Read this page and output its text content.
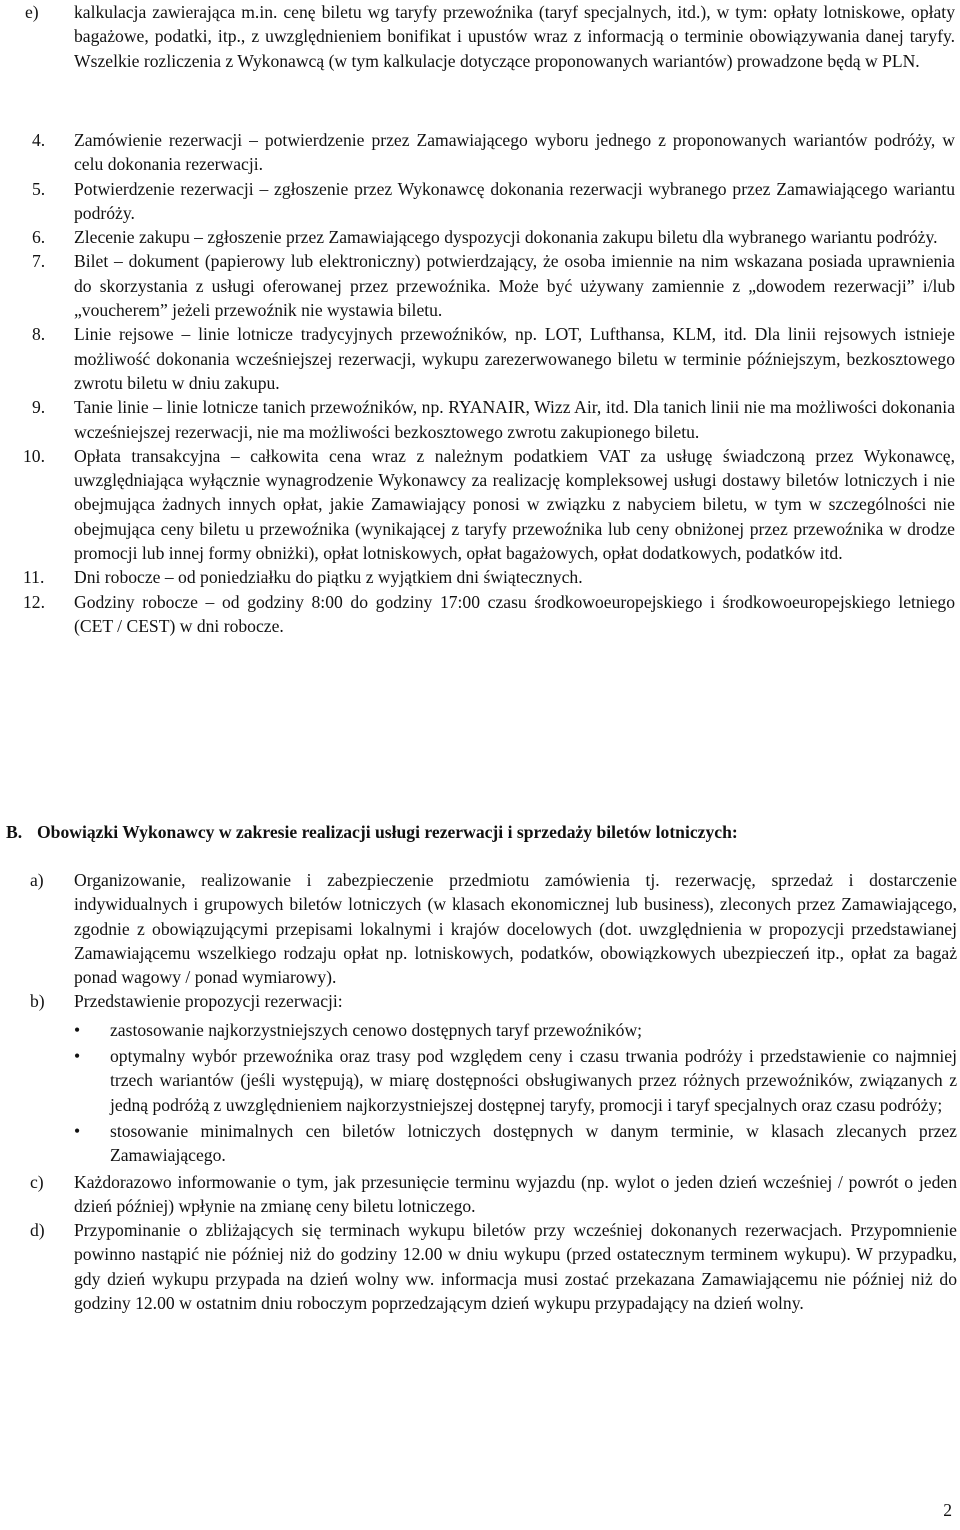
e) kalkulacja zawierająca m.in. cenę biletu wg taryfy przewoźnika (taryf specjalnych, itd.), w tym: opłaty lotniskowe, opłaty bagażowe, podatki, itp., z uwzględnieniem bonifikat i upustów wraz z informacją o terminie obowiązywania danej taryfy. Wszelkie rozliczenia z Wykonawcą (w tym kalkulacje dotyczące proponowanych wariantów) prowadzone będą w PLN.
4. Zamówienie rezerwacji – potwierdzenie przez Zamawiającego wyboru jednego z proponowanych wariantów podróży, w celu dokonania rezerwacji.
5. Potwierdzenie rezerwacji – zgłoszenie przez Wykonawcę dokonania rezerwacji wybranego przez Zamawiającego wariantu podróży.
6. Zlecenie zakupu – zgłoszenie przez Zamawiającego dyspozycji dokonania zakupu biletu dla wybranego wariantu podróży.
7. Bilet – dokument (papierowy lub elektroniczny) potwierdzający, że osoba imiennie na nim wskazana posiada uprawnienia do skorzystania z usługi oferowanej przez przewoźnika. Może być używany zamiennie z „dowodem rezerwacji” i/lub „voucherem” jeżeli przewoźnik nie wystawia biletu.
8. Linie rejsowe – linie lotnicze tradycyjnych przewoźników, np. LOT, Lufthansa, KLM, itd. Dla linii rejsowych istnieje możliwość dokonania wcześniejszej rezerwacji, wykupu zarezerwowanego biletu w terminie późniejszym, bezkosztowego zwrotu biletu w dniu zakupu.
9. Tanie linie – linie lotnicze tanich przewoźników, np. RYANAIR, Wizz Air, itd. Dla tanich linii nie ma możliwości dokonania wcześniejszej rezerwacji, nie ma możliwości bezkosztowego zwrotu zakupionego biletu.
10. Opłata transakcyjna – całkowita cena wraz z należnym podatkiem VAT za usługę świadczoną przez Wykonawcę, uwzględniająca wyłącznie wynagrodzenie Wykonawcy za realizację kompleksowej usługi dostawy biletów lotniczych i nie obejmująca żadnych innych opłat, jakie Zamawiający ponosi w związku z nabyciem biletu, w tym w szczególności nie obejmująca ceny biletu u przewoźnika (wynikającej z taryfy przewoźnika lub ceny obniżonej przez przewoźnika w drodze promocji lub innej formy obniżki), opłat lotniskowych, opłat bagażowych, opłat dodatkowych, podatków itd.
11. Dni robocze – od poniedziałku do piątku z wyjątkiem dni świątecznych.
12. Godziny robocze – od godziny 8:00 do godziny 17:00 czasu środkowoeuropejskiego i środkowoeuropejskiego letniego (CET / CEST) w dni robocze.
B. Obowiązki Wykonawcy w zakresie realizacji usługi rezerwacji i sprzedaży biletów lotniczych:
a) Organizowanie, realizowanie i zabezpieczenie przedmiotu zamówienia tj. rezerwację, sprzedaż i dostarczenie indywidualnych i grupowych biletów lotniczych (w klasach ekonomicznej lub business), zleconych przez Zamawiającego, zgodnie z obowiązującymi przepisami lokalnymi i krajów docelowych (dot. uwzględnienia w propozycji przedstawianej Zamawiającemu wszelkiego rodzaju opłat np. lotniskowych, podatków, obowiązkowych ubezpieczeń itp., opłat za bagaż ponad wagowy / ponad wymiarowy).
b) Przedstawienie propozycji rezerwacji:
• zastosowanie najkorzystniejszych cenowo dostępnych taryf przewoźników;
• optymalny wybór przewoźnika oraz trasy pod względem ceny i czasu trwania podróży i przedstawienie co najmniej trzech wariantów (jeśli występują), w miarę dostępności obsługiwanych przez różnych przewoźników, związanych z jedną podróżą z uwzględnieniem najkorzystniejszej dostępnej taryfy, promocji i taryf specjalnych oraz czasu podróży;
• stosowanie minimalnych cen biletów lotniczych dostępnych w danym terminie, w klasach zlecanych przez Zamawiającego.
c) Każdorazowo informowanie o tym, jak przesunięcie terminu wyjazdu (np. wylot o jeden dzień wcześniej / powrót o jeden dzień później) wpłynie na zmianę ceny biletu lotniczego.
d) Przypominanie o zbliżających się terminach wykupu biletów przy wcześniej dokonanych rezerwacjach. Przypomnienie powinno nastąpić nie później niż do godziny 12.00 w dniu wykupu (przed ostatecznym terminem wykupu). W przypadku, gdy dzień wykupu przypada na dzień wolny ww. informacja musi zostać przekazana Zamawiającemu nie później niż do godziny 12.00 w ostatnim dniu roboczym poprzedzającym dzień wykupu przypadający na dzień wolny.
2
